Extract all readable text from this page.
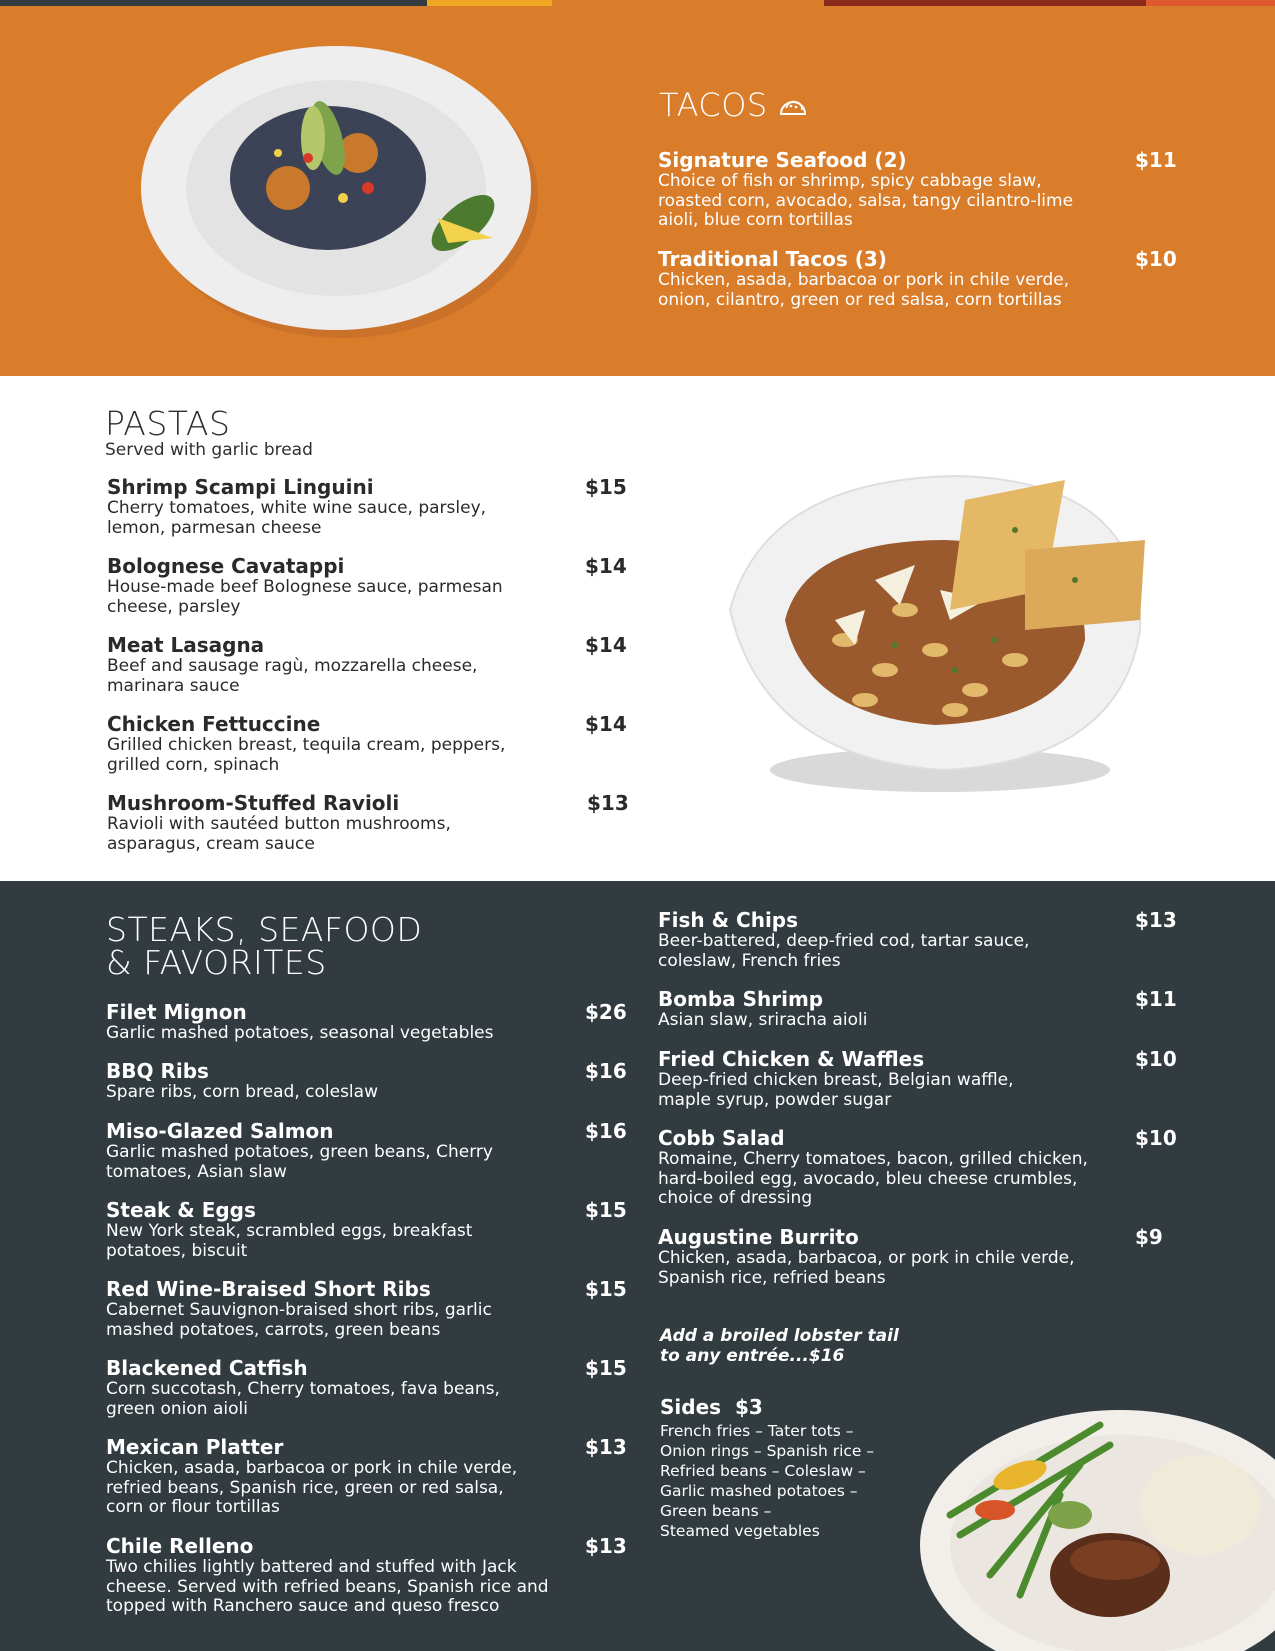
TACOS
Signature Seafood (2)	$11
Choice of fish or shrimp, spicy cabbage slaw,
roasted corn, avocado, salsa, tangy cilantro-lime
aioli, blue corn tortillas
Traditional Tacos (3)	$10
Chicken, asada, barbacoa or pork in chile verde,
onion, cilantro, green or red salsa, corn tortillas
PASTAS
Served with garlic bread
Shrimp Scampi Linguini	$15
Cherry tomatoes, white wine sauce, parsley,
lemon, parmesan cheese
Bolognese Cavatappi	$14
House-made beef Bolognese sauce, parmesan
cheese, parsley
Meat Lasagna	$14
Beef and sausage ragù, mozzarella cheese,
marinara sauce
Chicken Fettuccine	$14
Grilled chicken breast, tequila cream, peppers,
grilled corn, spinach
Mushroom-Stuffed Ravioli	$13
Ravioli with sautéed button mushrooms,
asparagus, cream sauce
STEAKS, SEAFOOD
& FAVORITES
Filet Mignon	$26
Garlic mashed potatoes, seasonal vegetables
BBQ Ribs	$16
Spare ribs, corn bread, coleslaw
Miso-Glazed Salmon	$16
Garlic mashed potatoes, green beans, Cherry
tomatoes, Asian slaw
Steak & Eggs	$15
New York steak, scrambled eggs, breakfast
potatoes, biscuit
Red Wine-Braised Short Ribs	$15
Cabernet Sauvignon-braised short ribs, garlic
mashed potatoes, carrots, green beans
Blackened Catfish	$15
Corn succotash, Cherry tomatoes, fava beans,
green onion aioli
Mexican Platter	$13
Chicken, asada, barbacoa or pork in chile verde,
refried beans, Spanish rice, green or red salsa,
corn or flour tortillas
Chile Relleno	$13
Two chilies lightly battered and stuffed with Jack
cheese. Served with refried beans, Spanish rice and
topped with Ranchero sauce and queso fresco
Fish & Chips	$13
Beer-battered, deep-fried cod, tartar sauce,
coleslaw, French fries
Bomba Shrimp	$11
Asian slaw, sriracha aioli
Fried Chicken & Waffles	$10
Deep-fried chicken breast, Belgian waffle,
maple syrup, powder sugar
Cobb Salad	$10
Romaine, Cherry tomatoes, bacon, grilled chicken,
hard-boiled egg, avocado, bleu cheese crumbles,
choice of dressing
Augustine Burrito	$9
Chicken, asada, barbacoa, or pork in chile verde,
Spanish rice, refried beans
Add a broiled lobster tail
to any entrée...$16
Sides  $3
French fries – Tater tots –
Onion rings – Spanish rice –
Refried beans – Coleslaw –
Garlic mashed potatoes –
Green beans –
Steamed vegetables
